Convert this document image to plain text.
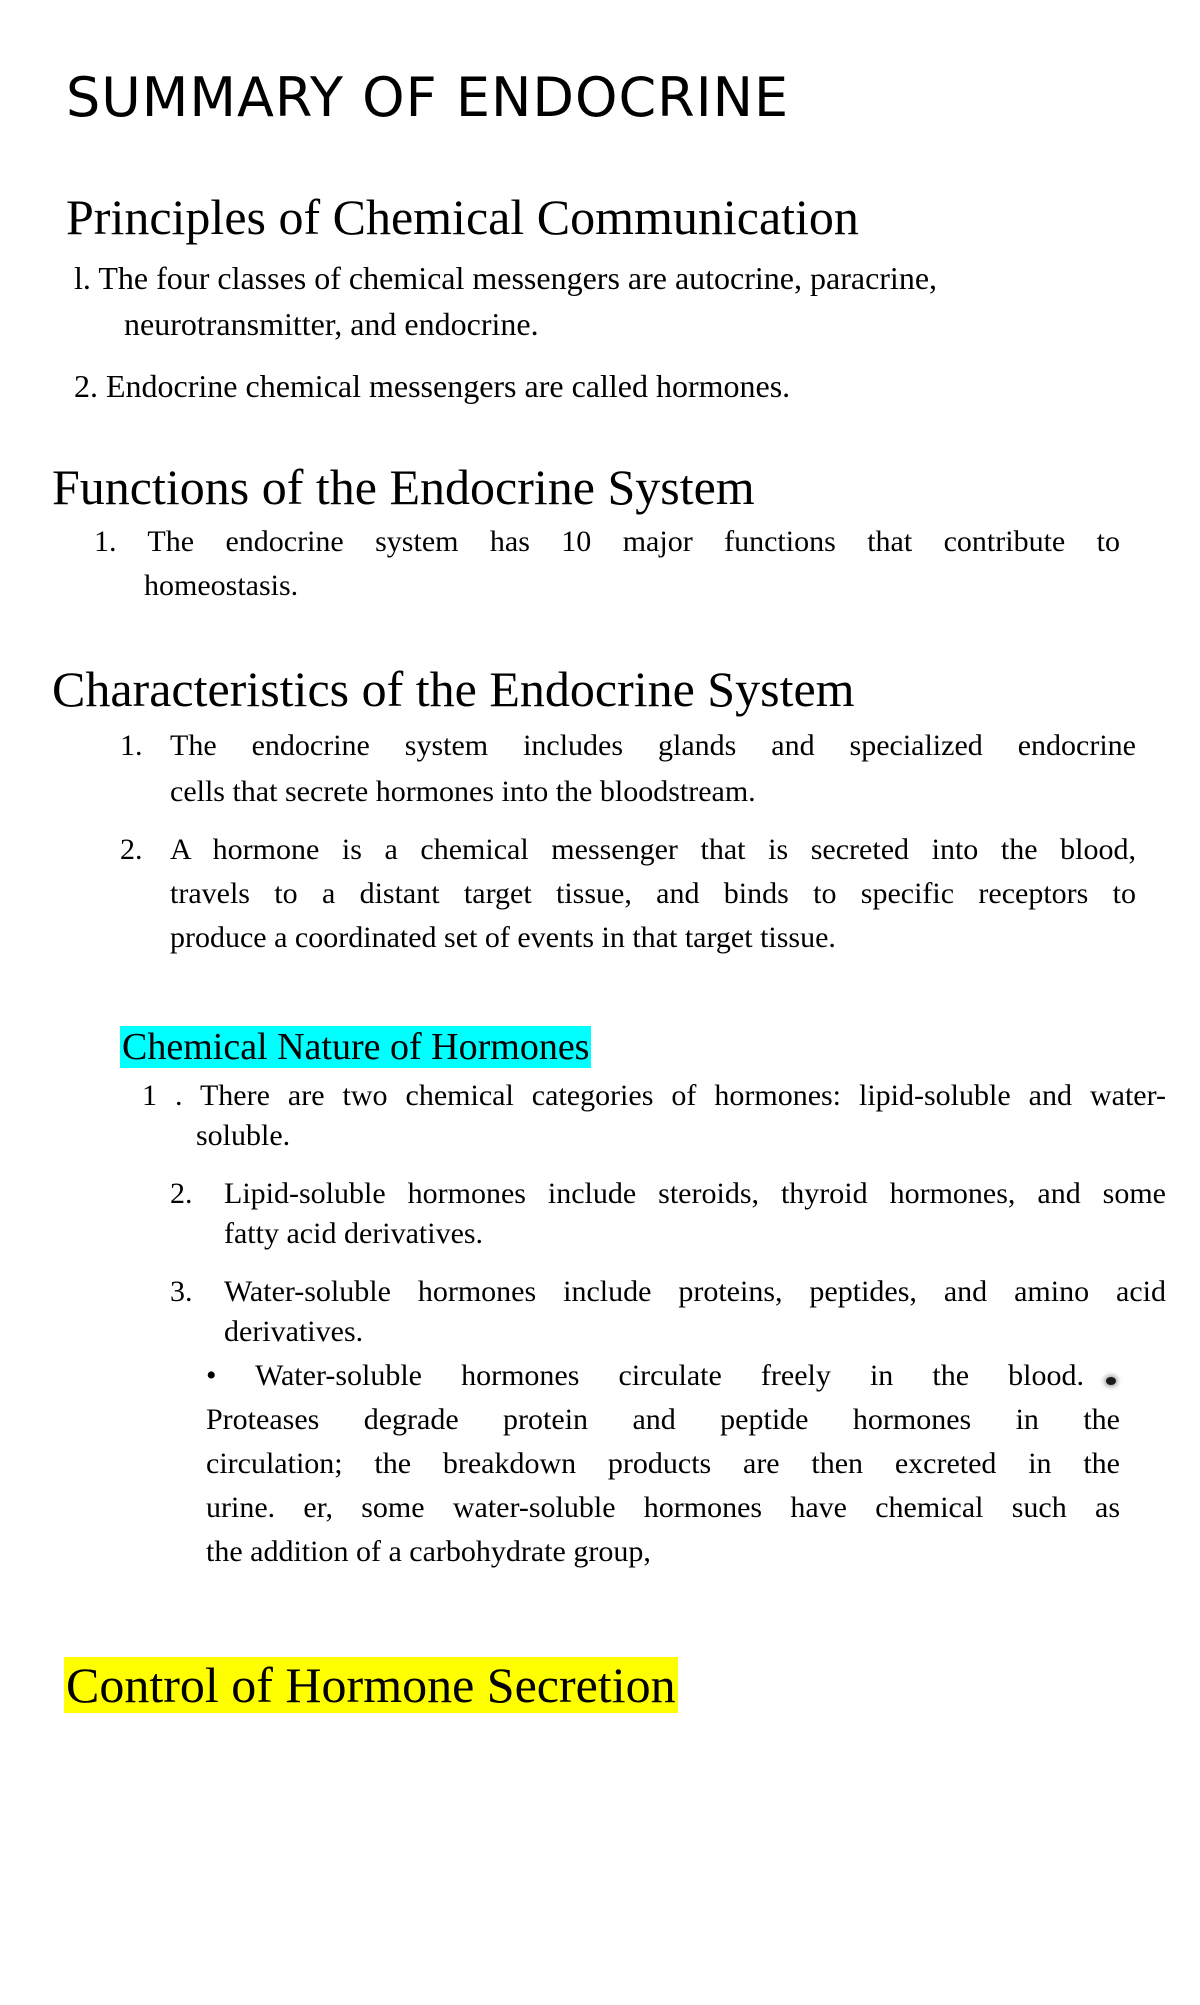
SUMMARY OF ENDOCRINE
Principles of Chemical Communication
l. The four classes of chemical messengers are autocrine, paracrine,
neurotransmitter, and endocrine.
2. Endocrine chemical messengers are called hormones.
Functions of the Endocrine System
1. The endocrine system has 10 major functions that contribute to
homeostasis.
Characteristics of the Endocrine System
1. The endocrine system includes glands and specialized endocrine
cells that secrete hormones into the bloodstream.
2. A hormone is a chemical messenger that is secreted into the blood,
travels to a distant target tissue, and binds to specific receptors to
produce a coordinated set of events in that target tissue.
Chemical Nature of Hormones
1 . There are two chemical categories of hormones: lipid-soluble and water-
soluble.
2. Lipid-soluble hormones include steroids, thyroid hormones, and some
fatty acid derivatives.
3. Water-soluble hormones include proteins, peptides, and amino acid
derivatives.
• Water-soluble hormones circulate freely in the blood.
Proteases degrade protein and peptide hormones in the
circulation; the breakdown products are then excreted in the
urine. er, some water-soluble hormones have chemical such as
the addition of a carbohydrate group,
Control of Hormone Secretion
